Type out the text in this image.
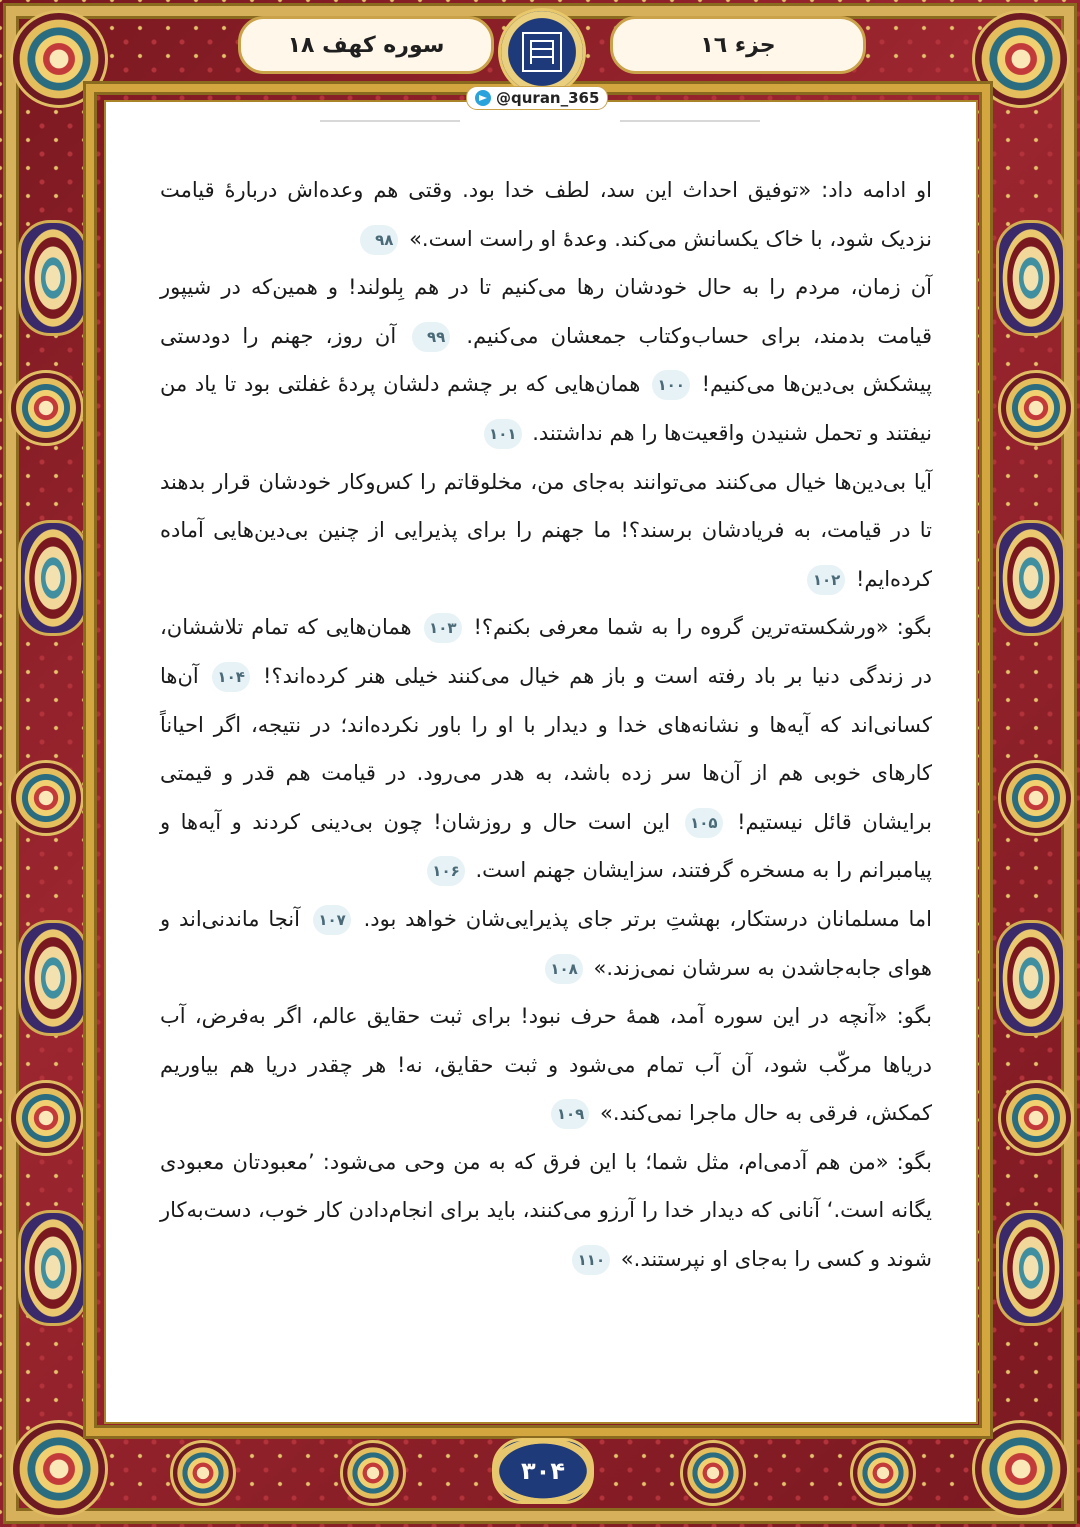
سوره کهف ۱۸	جزء ١٦
@quran_365

او ادامه داد: «توفیق احداث این سد، لطف خدا بود. وقتی هم وعده‌اش دربارهٔ قیامت نزدیک شود، با خاک یکسانش می‌کند. وعدهٔ او راست است.» ۹۸

آن زمان، مردم را به حال خودشان رها می‌کنیم تا در هم بِلولند! و همین‌که در شیپور قیامت بدمند، برای حساب‌وکتاب جمعشان می‌کنیم. ۹۹ آن روز، جهنم را دودستی پیشکش بی‌دین‌ها می‌کنیم! ۱۰۰ همان‌هایی که بر چشم دلشان پردهٔ غفلتی بود تا یاد من نیفتند و تحمل شنیدن واقعیت‌ها را هم نداشتند. ۱۰۱

آیا بی‌دین‌ها خیال می‌کنند می‌توانند به‌جای من، مخلوقاتم را کس‌وکار خودشان قرار بدهند تا در قیامت، به فریادشان برسند؟! ما جهنم را برای پذیرایی از چنین بی‌دین‌هایی آماده کرده‌ایم! ۱۰۲

بگو: «ورشکسته‌ترین گروه را به شما معرفی بکنم؟! ۱۰۳ همان‌هایی که تمام تلاششان، در زندگی دنیا بر باد رفته است و باز هم خیال می‌کنند خیلی هنر کرده‌اند؟! ۱۰۴ آن‌ها کسانی‌اند که آیه‌ها و نشانه‌های خدا و دیدار با او را باور نکرده‌اند؛ در نتیجه، اگر احیاناً کارهای خوبی هم از آن‌ها سر زده باشد، به هدر می‌رود. در قیامت هم قدر و قیمتی برایشان قائل نیستیم! ۱۰۵ این است حال و روزشان! چون بی‌دینی کردند و آیه‌ها و پیامبرانم را به مسخره گرفتند، سزایشان جهنم است. ۱۰۶

اما مسلمانان درستکار، بهشتِ برتر جای پذیرایی‌شان خواهد بود. ۱۰۷ آنجا ماندنی‌اند و هوای جابه‌جاشدن به سرشان نمی‌زند.» ۱۰۸

بگو: «آنچه در این سوره آمد، همهٔ حرف نبود! برای ثبت حقایق عالم، اگر به‌فرض، آب دریاها مرکّب شود، آن آب تمام می‌شود و ثبت حقایق، نه! هر چقدر دریا هم بیاوریم کمکش، فرقی به حال ماجرا نمی‌کند.» ۱۰۹

بگو: «من هم آدمی‌ام، مثل شما؛ با این فرق که به من وحی می‌شود: ’معبودتان معبودی یگانه است.‘ آنانی که دیدار خدا را آرزو می‌کنند، باید برای انجام‌دادن کار خوب، دست‌به‌کار شوند و کسی را به‌جای او نپرستند.» ۱۱۰

۳۰۴
